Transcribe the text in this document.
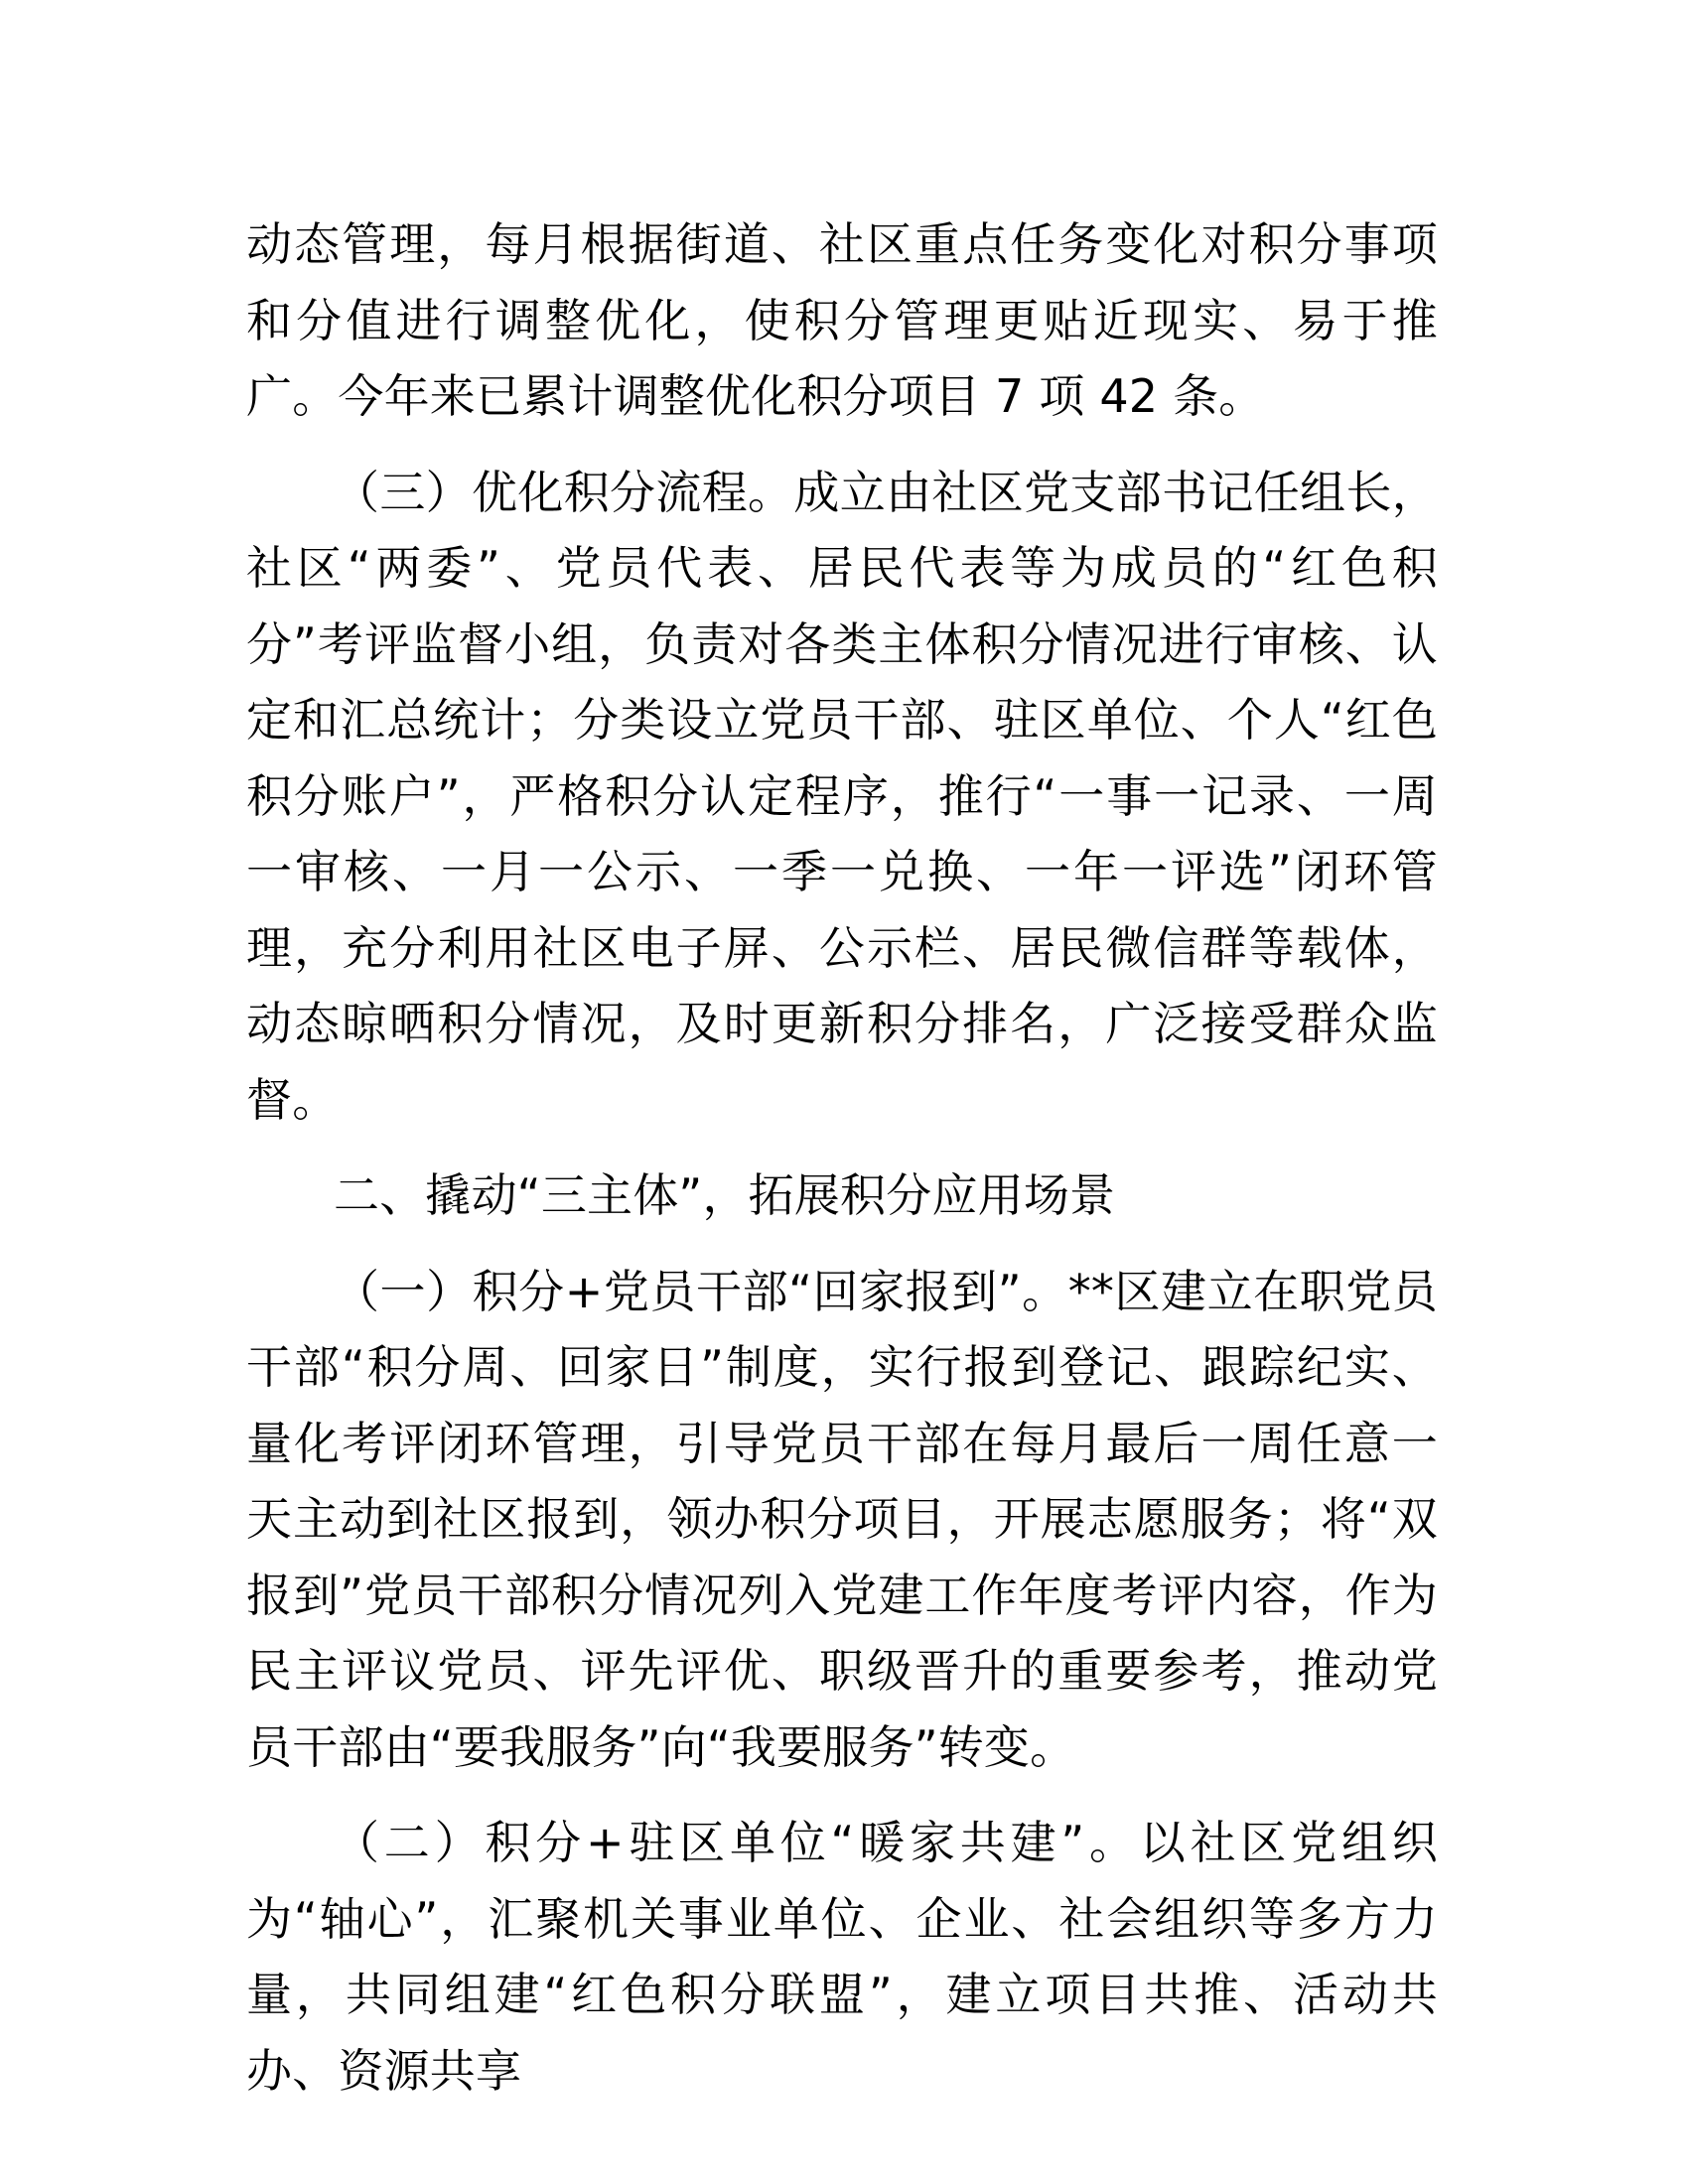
动态管理，每月根据街道、社区重点任务变化对积分事项和分值进行调整优化，使积分管理更贴近现实、易于推广。今年来已累计调整优化积分项目 7 项 42 条。

（三）优化积分流程。成立由社区党支部书记任组长，社区“两委”、党员代表、居民代表等为成员的“红色积分”考评监督小组，负责对各类主体积分情况进行审核、认定和汇总统计；分类设立党员干部、驻区单位、个人“红色积分账户”，严格积分认定程序，推行“一事一记录、一周一审核、一月一公示、一季一兑换、一年一评选”闭环管理，充分利用社区电子屏、公示栏、居民微信群等载体，动态晾晒积分情况，及时更新积分排名，广泛接受群众监督。

二、撬动“三主体”，拓展积分应用场景

（一）积分+党员干部“回家报到”。**区建立在职党员干部“积分周、回家日”制度，实行报到登记、跟踪纪实、量化考评闭环管理，引导党员干部在每月最后一周任意一天主动到社区报到，领办积分项目，开展志愿服务；将“双报到”党员干部积分情况列入党建工作年度考评内容，作为民主评议党员、评先评优、职级晋升的重要参考，推动党员干部由“要我服务”向“我要服务”转变。

（二）积分+驻区单位“暖家共建”。以社区党组织为“轴心”，汇聚机关事业单位、企业、社会组织等多方力量，共同组建“红色积分联盟”，建立项目共推、活动共办、资源共享
